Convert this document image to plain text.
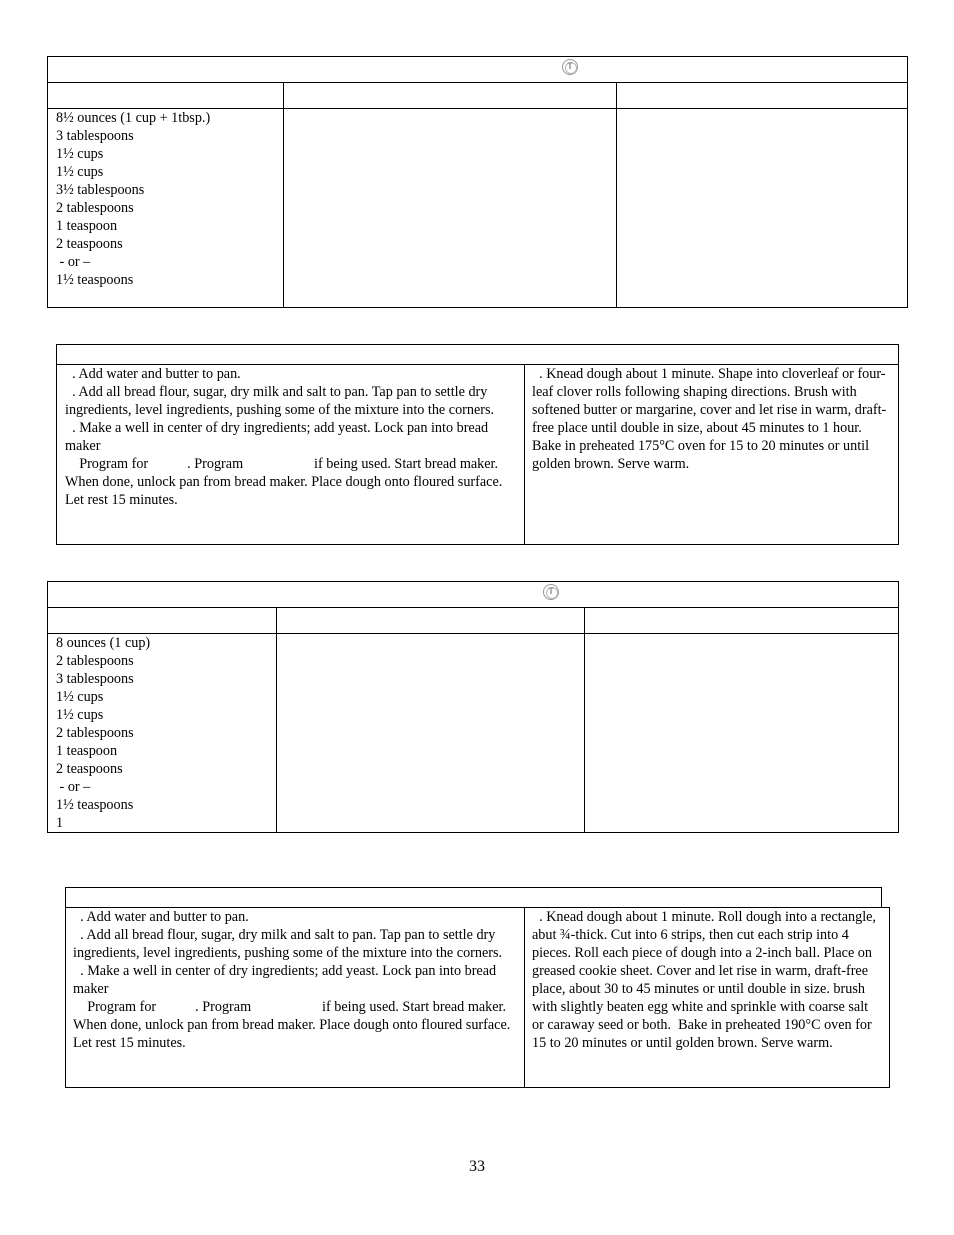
T
8½ ounces (1 cup + 1tbsp.)
3 tablespoons
1½ cups
1½ cups
3½ tablespoons
2 tablespoons
1 teaspoon
2 teaspoons
- or –
1½ teaspoons
. Add water and butter to pan.
. Add all bread flour, sugar, dry milk and salt to pan. Tap pan to settle dry ingredients, level ingredients, pushing some of the mixture into the corners.
. Make a well in center of dry ingredients; add yeast. Lock pan into bread maker
Program for           . Program                    if being used. Start bread maker. When done, unlock pan from bread maker. Place dough onto floured surface. Let rest 15 minutes.
. Knead dough about 1 minute. Shape into cloverleaf or four-leaf clover rolls following shaping directions. Brush with softened butter or margarine, cover and let rise in warm, draft-free place until double in size, about 45 minutes to 1 hour. Bake in preheated 175°C oven for 15 to 20 minutes or until golden brown. Serve warm.
T
8 ounces (1 cup)
2 tablespoons
3 tablespoons
1½ cups
1½ cups
2 tablespoons
1 teaspoon
2 teaspoons
- or –
1½ teaspoons
1
. Add water and butter to pan.
. Add all bread flour, sugar, dry milk and salt to pan. Tap pan to settle dry ingredients, level ingredients, pushing some of the mixture into the corners.
. Make a well in center of dry ingredients; add yeast. Lock pan into bread maker
Program for           . Program                    if being used. Start bread maker. When done, unlock pan from bread maker. Place dough onto floured surface. Let rest 15 minutes.
. Knead dough about 1 minute. Roll dough into a rectangle, abut ¾-thick. Cut into 6 strips, then cut each strip into 4 pieces. Roll each piece of dough into a 2-inch ball. Place on greased cookie sheet. Cover and let rise in warm, draft-free place, about 30 to 45 minutes or until double in size. brush with slightly beaten egg white and sprinkle with coarse salt or caraway seed or both.  Bake in preheated 190°C oven for 15 to 20 minutes or until golden brown. Serve warm.
33
